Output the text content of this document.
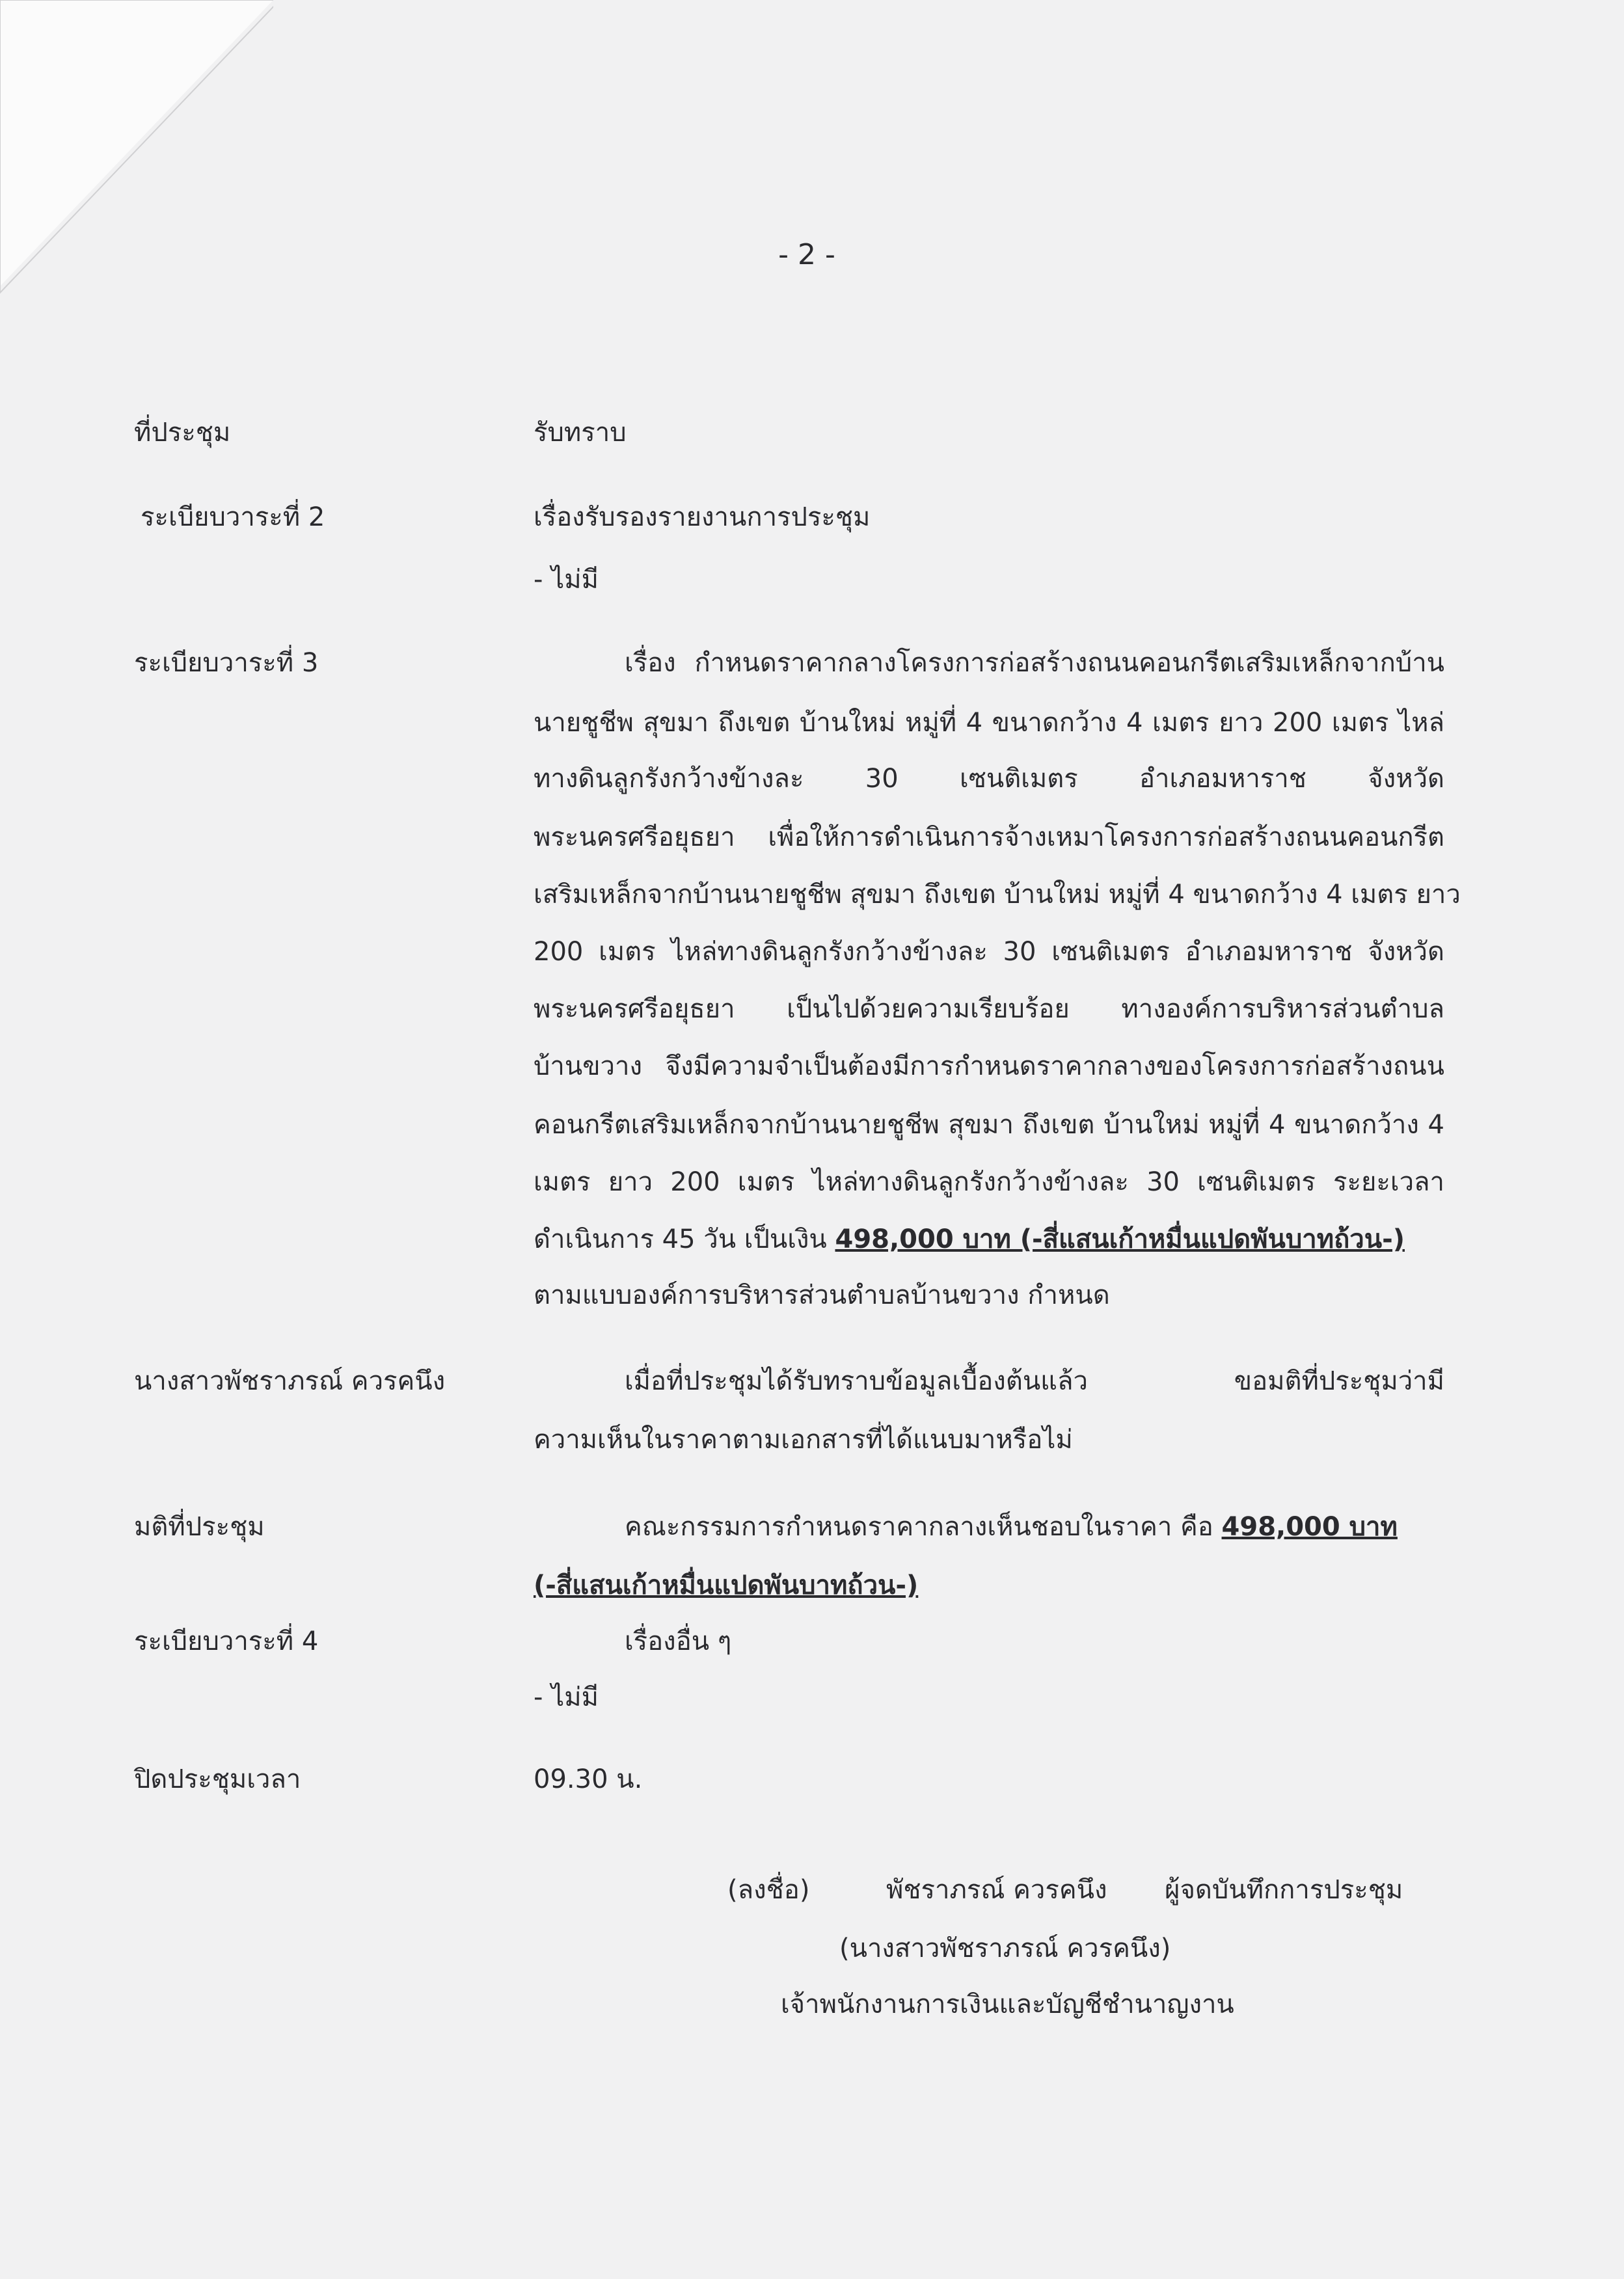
- 2 -
ที่ประชุม	รับทราบ
ระเบียบวาระที่ 2	เรื่องรับรองรายงานการประชุม
- ไม่มี
ระเบียบวาระที่ 3	เรื่อง กำหนดราคากลางโครงการก่อสร้างถนนคอนกรีตเสริมเหล็กจากบ้าน
นายชูชีพ สุขมา ถึงเขต บ้านใหม่ หมู่ที่ 4 ขนาดกว้าง 4 เมตร ยาว 200 เมตร ไหล่
ทางดินลูกรังกว้างข้างละ 30 เซนติเมตร อำเภอมหาราช จังหวัด
พระนครศรีอยุธยา เพื่อให้การดำเนินการจ้างเหมาโครงการก่อสร้างถนนคอนกรีต
เสริมเหล็กจากบ้านนายชูชีพ สุขมา ถึงเขต บ้านใหม่ หมู่ที่ 4 ขนาดกว้าง 4 เมตร ยาว
200 เมตร ไหล่ทางดินลูกรังกว้างข้างละ 30 เซนติเมตร อำเภอมหาราช จังหวัด
พระนครศรีอยุธยา เป็นไปด้วยความเรียบร้อย ทางองค์การบริหารส่วนตำบล
บ้านขวาง จึงมีความจำเป็นต้องมีการกำหนดราคากลางของโครงการก่อสร้างถนน
คอนกรีตเสริมเหล็กจากบ้านนายชูชีพ สุขมา ถึงเขต บ้านใหม่ หมู่ที่ 4 ขนาดกว้าง 4
เมตร ยาว 200 เมตร ไหล่ทางดินลูกรังกว้างข้างละ 30 เซนติเมตร ระยะเวลา
ดำเนินการ 45 วัน เป็นเงิน 498,000 บาท (-สี่แสนเก้าหมื่นแปดพันบาทถ้วน-)
ตามแบบองค์การบริหารส่วนตำบลบ้านขวาง กำหนด
นางสาวพัชราภรณ์ ควรคนึง	เมื่อที่ประชุมได้รับทราบข้อมูลเบื้องต้นแล้ว ขอมติที่ประชุมว่ามี
ความเห็นในราคาตามเอกสารที่ได้แนบมาหรือไม่
มติที่ประชุม	คณะกรรมการกำหนดราคากลางเห็นชอบในราคา คือ 498,000 บาท
(-สี่แสนเก้าหมื่นแปดพันบาทถ้วน-)
ระเบียบวาระที่ 4	เรื่องอื่น ๆ
- ไม่มี
ปิดประชุมเวลา	09.30 น.
(ลงชื่อ)	พัชราภรณ์ ควรคนึง ผู้จดบันทึกการประชุม
(นางสาวพัชราภรณ์ ควรคนึง)
เจ้าพนักงานการเงินและบัญชีชำนาญงาน
